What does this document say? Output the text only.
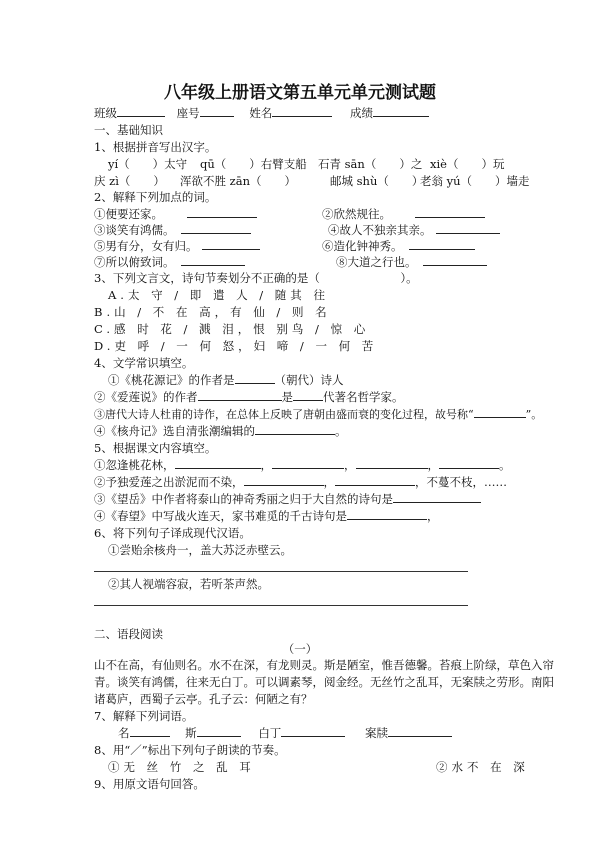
八年级上册语文第五单元单元测试题
班级	座号	姓名	成绩
一、基础知识
1、根据拼音写出汉字。
yí（　　）太守 qū（　　）右臂支船 石青 sān（　　）之 xiè（　　）玩
庆 zì（　　） 浑欲不胜 zān（　　）	邮城 shù（　　）
老翁 yú（　　）墙走
2、解释下列加点的词。
①便要还家。	②欣然规往。
③谈笑有鸿儒。	④故人不独亲其亲。
⑤男有分，女有归。	⑥造化钟神秀。
⑦所以俯致词。	⑧大道之行也。
3、下列文言文，诗句节奏划分不正确的是（　　　　　　　）。
A.太 守 / 即 遣 人 / 随其 往
B.山 / 不 在 高，有 仙 / 则 名
C.感 时 花 / 溅 泪，恨 别鸟 / 惊 心
D.吏 呼 / 一 何 怒，妇 啼 / 一 何 苦
4、文学常识填空。
①《桃花源记》的作者是	（朝代）诗人
②《爱莲说》的作者	是	代著名哲学家。
③唐代大诗人杜甫的诗作，在总体上反映了唐朝由盛而衰的变化过程，故号称“	”。
④《核舟记》选自清张潮编辑的	。
5、根据课文内容填空。
①忽逢桃花林，	，	，	，	。
②予独爱莲之出淤泥而不染，	，	，不蔓不枝，……
③《望岳》中作者将泰山的神奇秀丽之归于大自然的诗句是
④《春望》中写战火连天，家书难觅的千古诗句是	，
6、将下列句子译成现代汉语。
①尝贻余核舟一，盖大苏泛赤壁云。
②其人视端容寂，若听茶声然。
二、语段阅读
（一）
山不在高，有仙则名。水不在深，有龙则灵。斯是陋室，惟吾德馨。苔痕上阶绿，草色入帘
青。谈笑有鸿儒，往来无白丁。可以调素琴，阅金经。无丝竹之乱耳，无案牍之劳形。南阳
诸葛庐，西蜀子云亭。孔子云：何陋之有？
7、解释下列词语。
名	斯	白丁	案牍
8、用“／”标出下列句子朗读的节奏。
①无 丝 竹 之 乱 耳	②水不 在 深
9、用原文语句回答。
